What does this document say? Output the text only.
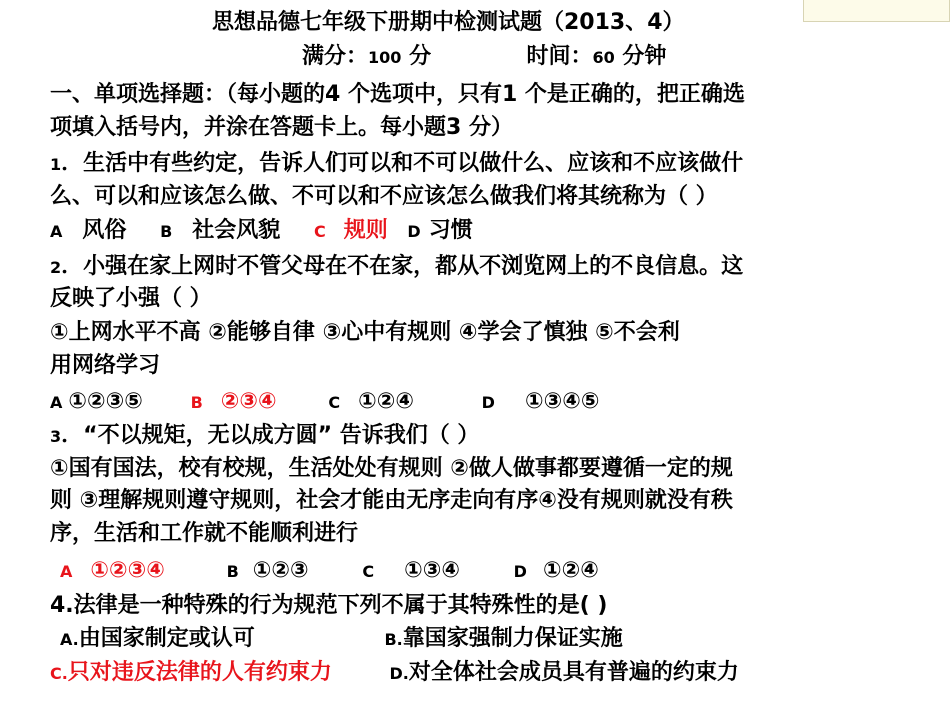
思想品德七年级下册期中检测试题（2013、4）
满分：100 分	时间：60 分钟
一、单项选择题：（每小题的4 个选项中，只有1 个是正确的，把正确选
项填入括号内，并涂在答题卡上。每小题3 分）
1．生活中有些约定，告诉人们可以和不可以做什么、应该和不应该做什
么、可以和应该怎么做、不可以和不应该怎么做我们将其统称为（ ）
A 风俗 B 社会风貌 C 规则 D 习惯
2．小强在家上网时不管父母在不在家，都从不浏览网上的不良信息。这
反映了小强（ ）
①上网水平不高 ②能够自律 ③心中有规则 ④学会了慎独 ⑤不会利
用网络学习
A ①②③⑤	B ②③④	C ①②④	D ①③④⑤
3．“不以规矩，无以成方圆” 告诉我们（ ）
①国有国法，校有校规，生活处处有规则 ②做人做事都要遵循一定的规
则 ③理解规则遵守规则，社会才能由无序走向有序④没有规则就没有秩
序，生活和工作就不能顺利进行
A ①②③④	B ①②③	C ①③④	D ①②④
4.法律是一种特殊的行为规范下列不属于其特殊性的是( )
A.由国家制定或认可	B.靠国家强制力保证实施
C.只对违反法律的人有约束力	D.对全体社会成员具有普遍的约束力
